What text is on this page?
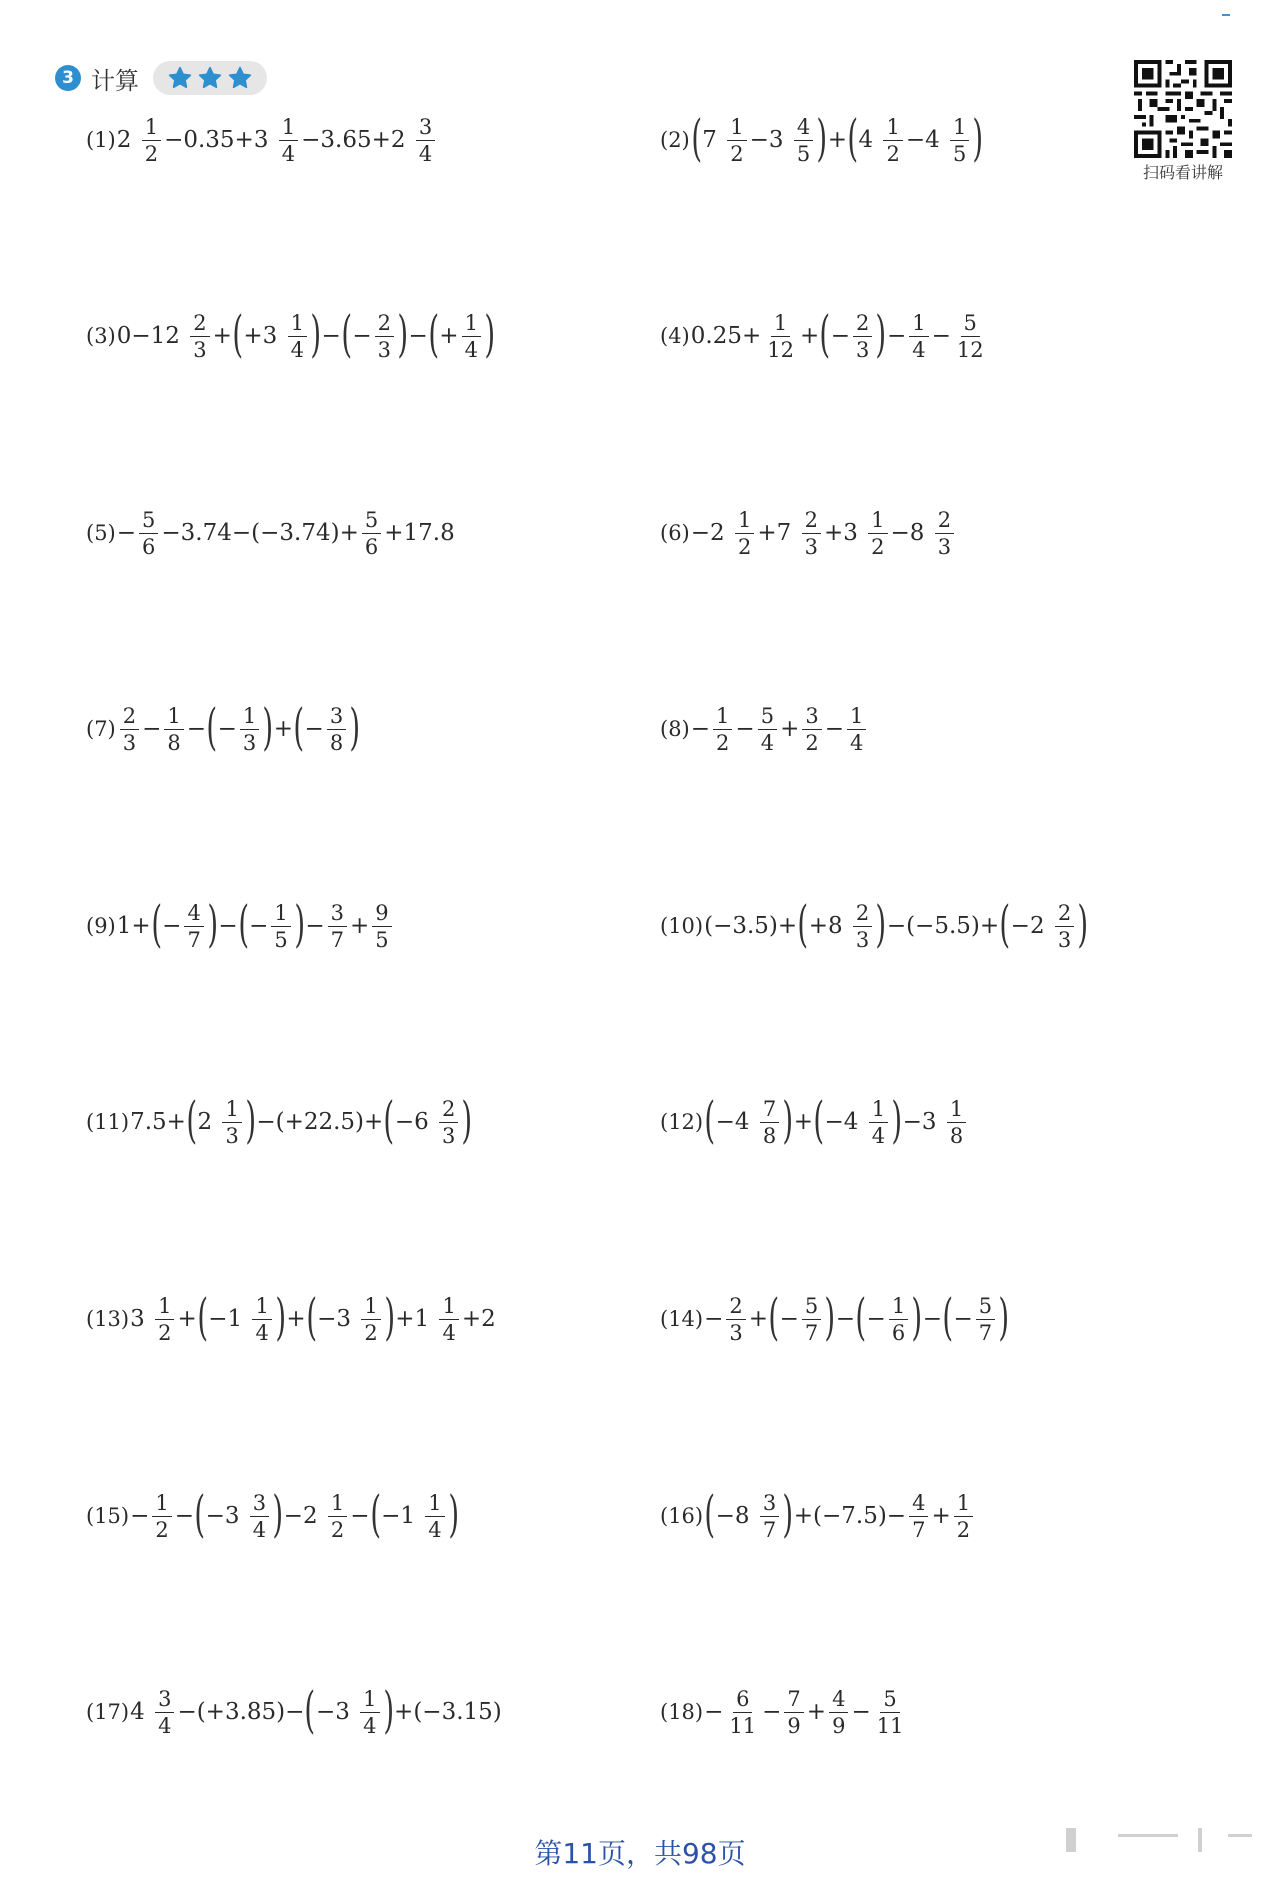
3 计算
扫码看讲解
(1) $2 \frac{1}{2} -0.35+3 \frac{1}{4} -3.65+2 \frac{3}{4}$	(2) ( $7 \frac{1}{2} -3 \frac{4}{5}$ ) + ( $4 \frac{1}{2} -4 \frac{1}{5}$ )
(3) $0-12 \frac{2}{3}$ + ( $+3 \frac{1}{4}$ ) − ( − $\frac{2}{3}$ ) − ( + $\frac{1}{4}$ )	(4) $0.25+ \frac{1}{12}$ + ( − $\frac{2}{3}$ ) − $\frac{1}{4} - \frac{5}{12}$
$(5) - \frac{5}{6} -3.74-(-3.74)+ \frac{5}{6} +17.8$	$(6) -2 \frac{1}{2} +7 \frac{2}{3} +3 \frac{1}{2} -8 \frac{2}{3}$
$(7) \frac{2}{3} - \frac{1}{8}$ − ( − $\frac{1}{3}$ ) + ( − $\frac{3}{8}$ )	$(8) - \frac{1}{2} - \frac{5}{4} + \frac{3}{2} - \frac{1}{4}$
(9) 1+ ( − $\frac{4}{7}$ ) − ( − $\frac{1}{5}$ ) − $\frac{3}{7} + \frac{9}{5}$	(10) (−3.5)+ ( $+8 \frac{2}{3}$ ) −(−5.5)+ ( $-2 \frac{2}{3}$ )
(11) 7.5+ ( $2 \frac{1}{3}$ ) −(+22.5)+ ( $-6 \frac{2}{3}$ )	(12) ( $-4 \frac{7}{8}$ ) + ( $-4 \frac{1}{4}$ ) $-3 \frac{1}{8}$
(13) $3 \frac{1}{2}$ + ( $-1 \frac{1}{4}$ ) + ( $-3 \frac{1}{2}$ ) $+1 \frac{1}{4} +2$	$(14) - \frac{2}{3}$ + ( − $\frac{5}{7}$ ) − ( − $\frac{1}{6}$ ) − ( − $\frac{5}{7}$ )
$(15) - \frac{1}{2}$ − ( $-3 \frac{3}{4}$ ) $-2 \frac{1}{2}$ − ( $-1 \frac{1}{4}$ )	(16) ( $-8 \frac{3}{7}$ ) $+(-7.5)- \frac{4}{7} + \frac{1}{2}$
(17) $4 \frac{3}{4} -(+3.85)-$ ( $-3 \frac{1}{4}$ ) +(−3.15)	$(18) - \frac{6}{11} - \frac{7}{9} + \frac{4}{9} - \frac{5}{11}$
第11页，共98页
